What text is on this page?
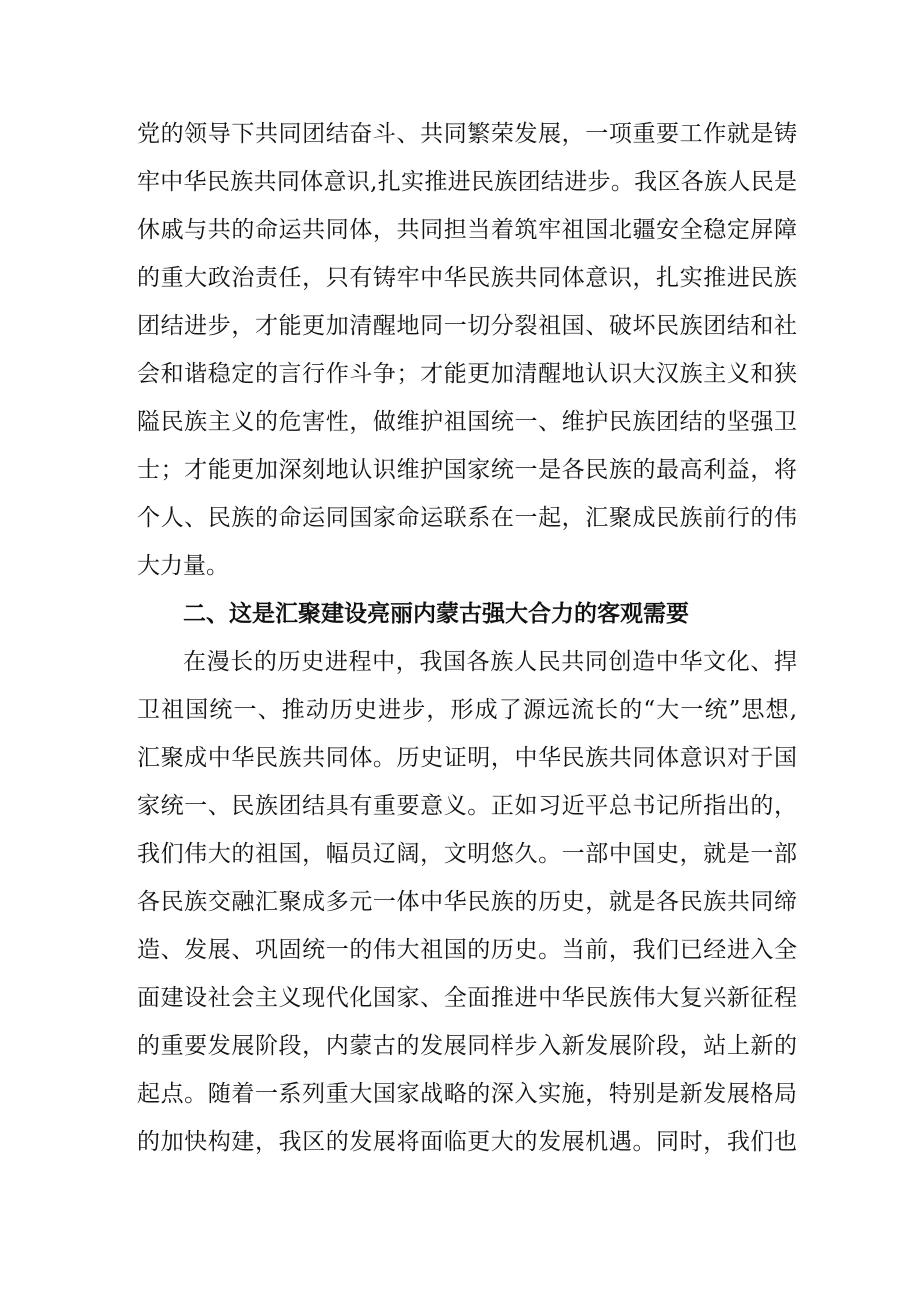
党的领导下共同团结奋斗、共同繁荣发展，一项重要工作就是铸
牢中华民族共同体意识,扎实推进民族团结进步。我区各族人民是
休戚与共的命运共同体，共同担当着筑牢祖国北疆安全稳定屏障
的重大政治责任，只有铸牢中华民族共同体意识，扎实推进民族
团结进步，才能更加清醒地同一切分裂祖国、破坏民族团结和社
会和谐稳定的言行作斗争；才能更加清醒地认识大汉族主义和狭
隘民族主义的危害性，做维护祖国统一、维护民族团结的坚强卫
士；才能更加深刻地认识维护国家统一是各民族的最高利益，将
个人、民族的命运同国家命运联系在一起，汇聚成民族前行的伟
大力量。
二、这是汇聚建设亮丽内蒙古强大合力的客观需要
在漫长的历史进程中，我国各族人民共同创造中华文化、捍
卫祖国统一、推动历史进步，形成了源远流长的“大一统”思想,
汇聚成中华民族共同体。历史证明，中华民族共同体意识对于国
家统一、民族团结具有重要意义。正如习近平总书记所指出的，
我们伟大的祖国，幅员辽阔，文明悠久。一部中国史，就是一部
各民族交融汇聚成多元一体中华民族的历史，就是各民族共同缔
造、发展、巩固统一的伟大祖国的历史。当前，我们已经进入全
面建设社会主义现代化国家、全面推进中华民族伟大复兴新征程
的重要发展阶段，内蒙古的发展同样步入新发展阶段，站上新的
起点。随着一系列重大国家战略的深入实施，特别是新发展格局
的加快构建，我区的发展将面临更大的发展机遇。同时，我们也
